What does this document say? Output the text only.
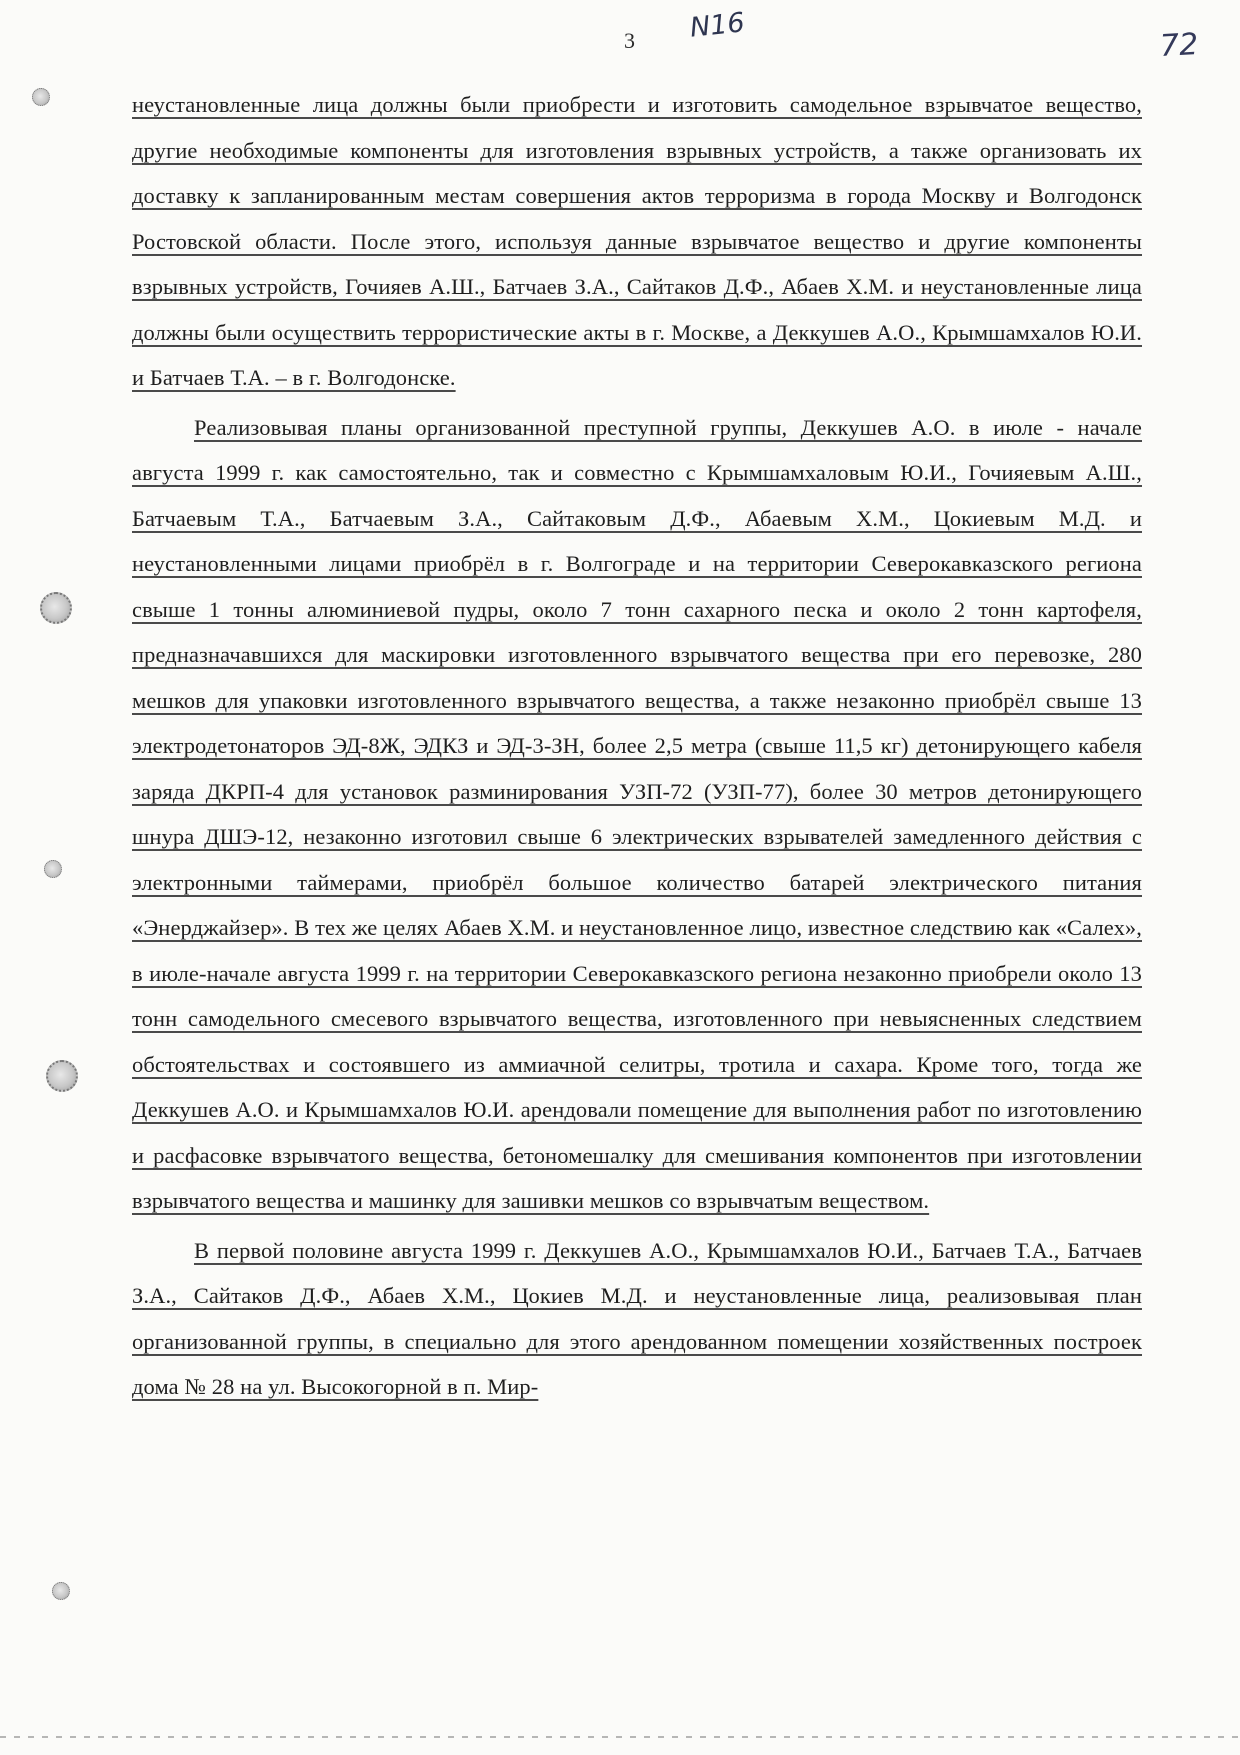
3 N16
72

неустановленные лица должны были приобрести и изготовить самодельное взрывчатое вещество, другие необходимые компоненты для изготовления взрывных устройств, а также организовать их доставку к запланированным местам совершения актов терроризма в города Москву и Волгодонск Ростовской области. После этого, используя данные взрывчатое вещество и другие компоненты взрывных устройств, Гочияев А.Ш., Батчаев З.А., Сайтаков Д.Ф., Абаев Х.М. и неустановленные лица должны были осуществить террористические акты в г. Москве, а Деккушев А.О., Крымшамхалов Ю.И. и Батчаев Т.А. – в г. Волгодонске.

Реализовывая планы организованной преступной группы, Деккушев А.О. в июле - начале августа 1999 г. как самостоятельно, так и совместно с Крымшамхаловым Ю.И., Гочияевым А.Ш., Батчаевым Т.А., Батчаевым З.А., Сайтаковым Д.Ф., Абаевым Х.М., Цокиевым М.Д. и неустановленными лицами приобрёл в г. Волгограде и на территории Северокавказского региона свыше 1 тонны алюминиевой пудры, около 7 тонн сахарного песка и около 2 тонн картофеля, предназначавшихся для маскировки изготовленного взрывчатого вещества при его перевозке, 280 мешков для упаковки изготовленного взрывчатого вещества, а также незаконно приобрёл свыше 13 электродетонаторов ЭД-8Ж, ЭДКЗ и ЭД-3-ЗН, более 2,5 метра (свыше 11,5 кг) детонирующего кабеля заряда ДКРП-4 для установок разминирования УЗП-72 (УЗП-77), более 30 метров детонирующего шнура ДШЭ-12, незаконно изготовил свыше 6 электрических взрывателей замедленного действия с электронными таймерами, приобрёл большое количество батарей электрического питания «Энерджайзер». В тех же целях Абаев Х.М. и неустановленное лицо, известное следствию как «Салех», в июле-начале августа 1999 г. на территории Северокавказского региона незаконно приобрели около 13 тонн самодельного смесевого взрывчатого вещества, изготовленного при невыясненных следствием обстоятельствах и состоявшего из аммиачной селитры, тротила и сахара. Кроме того, тогда же Деккушев А.О. и Крымшамхалов Ю.И. арендовали помещение для выполнения работ по изготовлению и расфасовке взрывчатого вещества, бетономешалку для смешивания компонентов при изготовлении взрывчатого вещества и машинку для зашивки мешков со взрывчатым веществом.

В первой половине августа 1999 г. Деккушев А.О., Крымшамхалов Ю.И., Батчаев Т.А., Батчаев З.А., Сайтаков Д.Ф., Абаев Х.М., Цокиев М.Д. и неустановленные лица, реализовывая план организованной группы, в специально для этого арендованном помещении хозяйственных построек дома № 28 на ул. Высокогорной в п. Мир-
